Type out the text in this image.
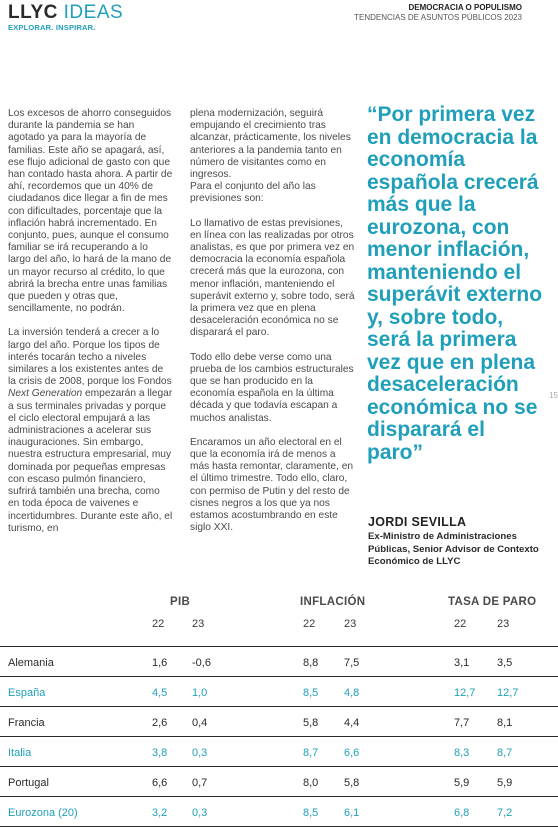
LLYC IDEAS
EXPLORAR. INSPIRAR.
DEMOCRACIA O POPULISMO
TENDENCIAS DE ASUNTOS PÚBLICOS 2023

Los excesos de ahorro conseguidos durante la pandemia se han agotado ya para la mayoría de familias. Este año se apagará, así, ese flujo adicional de gasto con que han contado hasta ahora. A partir de ahí, recordemos que un 40% de ciudadanos dice llegar a fin de mes con dificultades, porcentaje que la inflación habrá incrementado. En conjunto, pues, aunque el consumo familiar se irá recuperando a lo largo del año, lo hará de la mano de un mayor recurso al crédito, lo que abrirá la brecha entre unas familias que pueden y otras que, sencillamente, no podrán.

La inversión tenderá a crecer a lo largo del año. Porque los tipos de interés tocarán techo a niveles similares a los existentes antes de la crisis de 2008, porque los Fondos Next Generation empezarán a llegar a sus terminales privadas y porque el ciclo electoral empujará a las administraciones a acelerar sus inauguraciones. Sin embargo, nuestra estructura empresarial, muy dominada por pequeñas empresas con escaso pulmón financiero, sufrirá también una brecha, como en toda época de vaivenes e incertidumbres. Durante este año, el turismo, en

plena modernización, seguirá empujando el crecimiento tras alcanzar, prácticamente, los niveles anteriores a la pandemia tanto en número de visitantes como en ingresos.

Para el conjunto del año las previsiones son:

Lo llamativo de estas previsiones, en línea con las realizadas por otros analistas, es que por primera vez en democracia la economía española crecerá más que la eurozona, con menor inflación, manteniendo el superávit externo y, sobre todo, será la primera vez que en plena desaceleración económica no se disparará el paro.

Todo ello debe verse como una prueba de los cambios estructurales que se han producido en la economía española en la última década y que todavía escapan a muchos analistas.

Encaramos un año electoral en el que la economía irá de menos a más hasta remontar, claramente, en el último trimestre. Todo ello, claro, con permiso de Putin y del resto de cisnes negros a los que ya nos estamos acostumbrando en este siglo XXI.

“Por primera vez en democracia la economía española crecerá más que la eurozona, con menor inflación, manteniendo el superávit externo y, sobre todo, será la primera vez que en plena desaceleración económica no se disparará el paro”
JORDI SEVILLA
Ex-Ministro de Administraciones Públicas, Senior Advisor de Contexto Económico de LLYC
15
PIB	INFLACIÓN	TASA DE PARO
22	23	22	23	22	23
Alemania	1,6 -0,6	8,8 7,5	3,1	3,5
España	4,5 1,0	8,5 4,8	12,7 12,7
Francia	2,6 0,4	5,8 4,4	7,7	8,1
Italia	3,8 0,3	8,7 6,6	8,3	8,7
Portugal	6,6 0,7	8,0 5,8	5,9	5,9
Eurozona (20)	3,2 0,3	8,5 6,1	6,8	7,2
